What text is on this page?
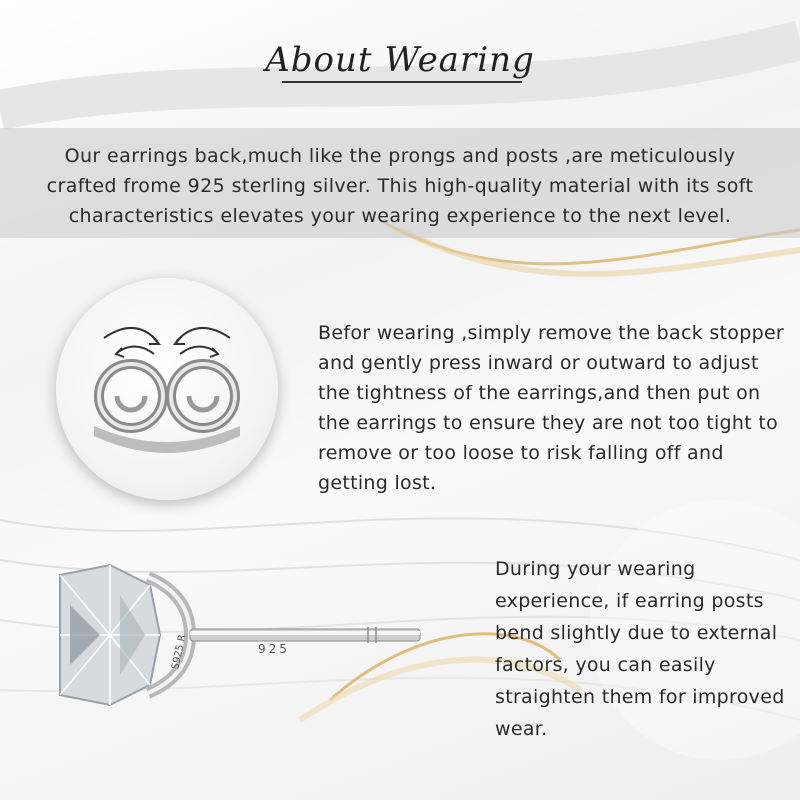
About Wearing
Our earrings back,much like the prongs and posts ,are meticulously crafted frome 925 sterling silver. This high-quality material with its soft characteristics elevates your wearing experience to the next level.
Befor wearing ,simply remove the back stopper and gently press inward or outward to adjust the tightness of the earrings,and then put on the earrings to ensure they are not too tight to remove or too loose to risk falling off and getting lost.
925
S925 R
During your wearing experience, if earring posts bend slightly due to external factors, you can easily straighten them for improved wear.
